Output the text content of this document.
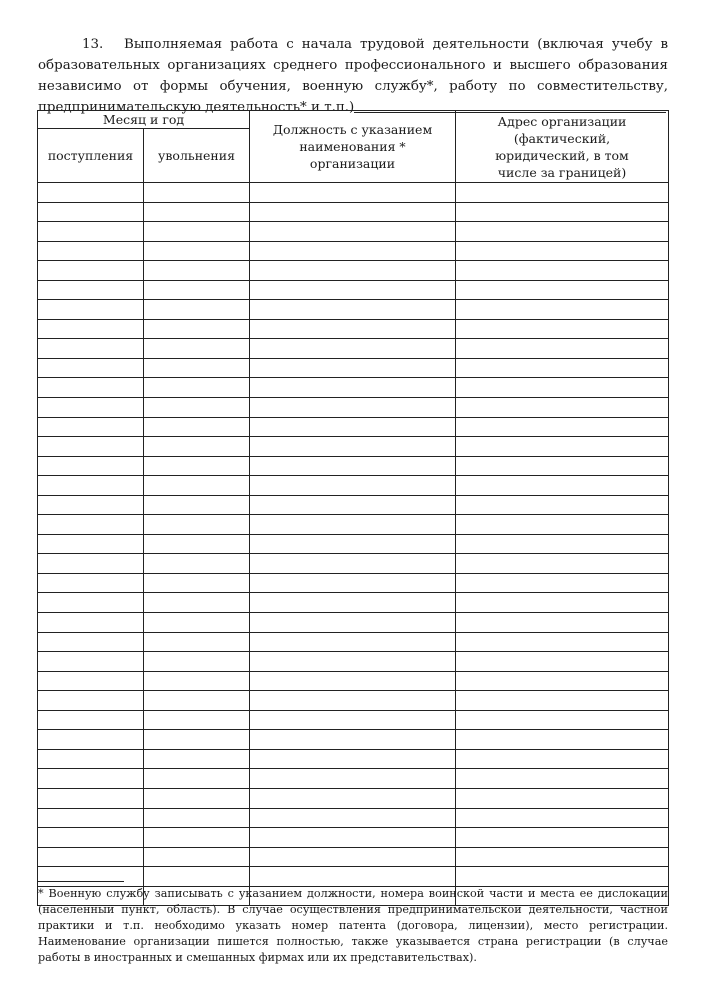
13. Выполняемая работа с начала трудовой деятельности (включая учебу в образовательных организациях среднего профессионального и высшего образования независимо от формы обучения, военную службу*, работу по совместительству, предпринимательскую деятельность* и т.п.)
Месяц и год		Должность с указанием наименования * организации	Адрес организации (фактический, юридический, в том числе за границей)
поступления	увольнения		

* Военную службу записывать с указанием должности, номера воинской части и места ее дислокации (населенный пункт, область). В случае осуществления предпринимательской деятельности, частной практики и т.п. необходимо указать номер патента (договора, лицензии), место регистрации. Наименование организации пишется полностью, также указывается страна регистрации (в случае работы в иностранных и смешанных фирмах или их представительствах).
